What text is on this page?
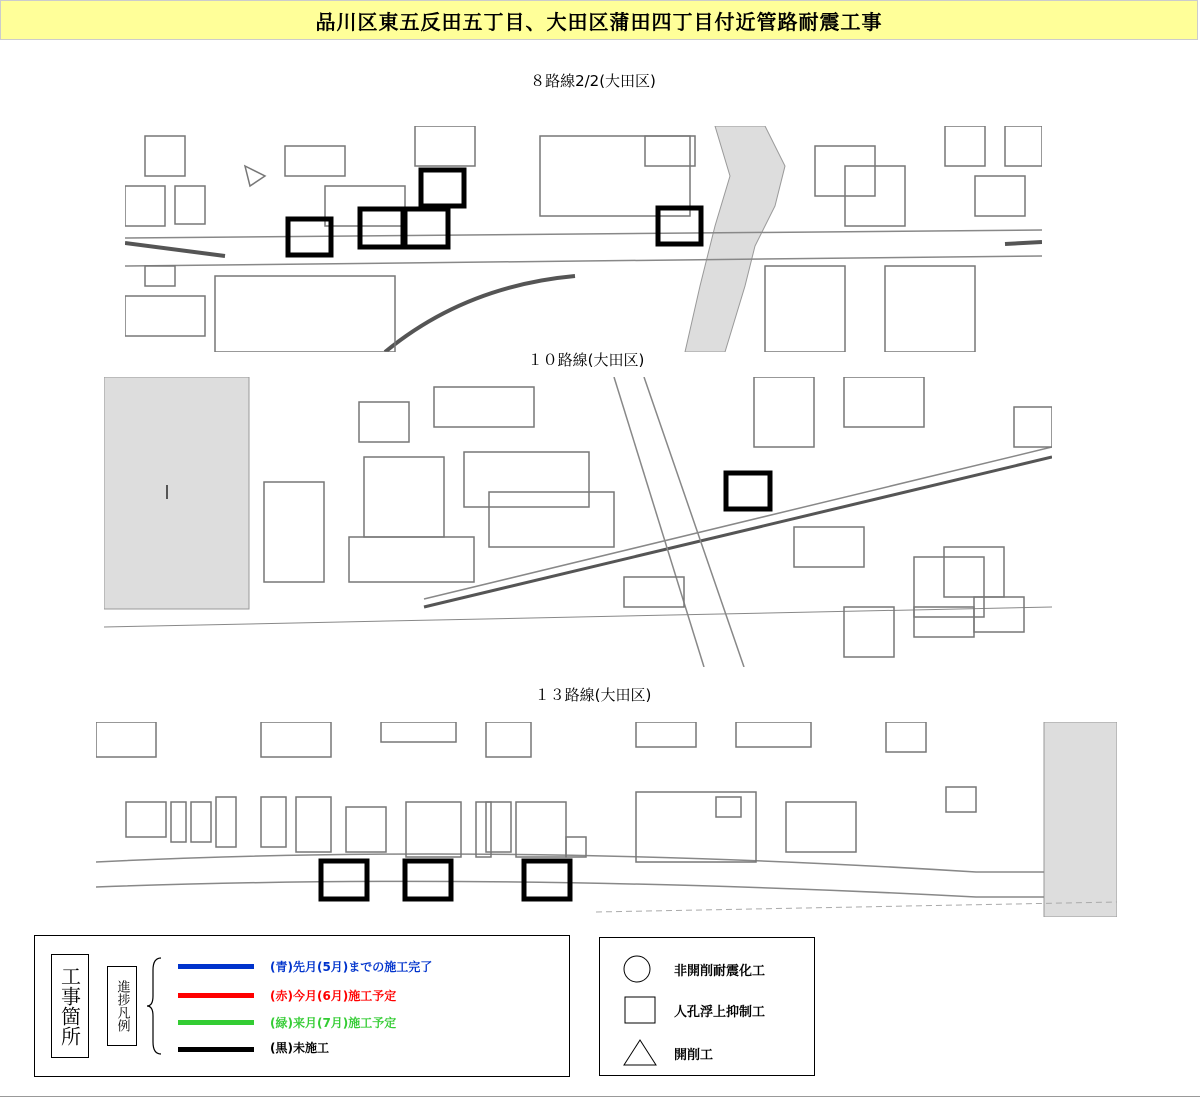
品川区東五反田五丁目、大田区蒲田四丁目付近管路耐震工事
８路線2/2(大田区)
１０路線(大田区)
１３路線(大田区)
工事箇所	進捗凡例
(青)先月(5月)までの施工完了
(赤)今月(6月)施工予定
(緑)来月(7月)施工予定
(黒)未施工
非開削耐震化工
人孔浮上抑制工
開削工
